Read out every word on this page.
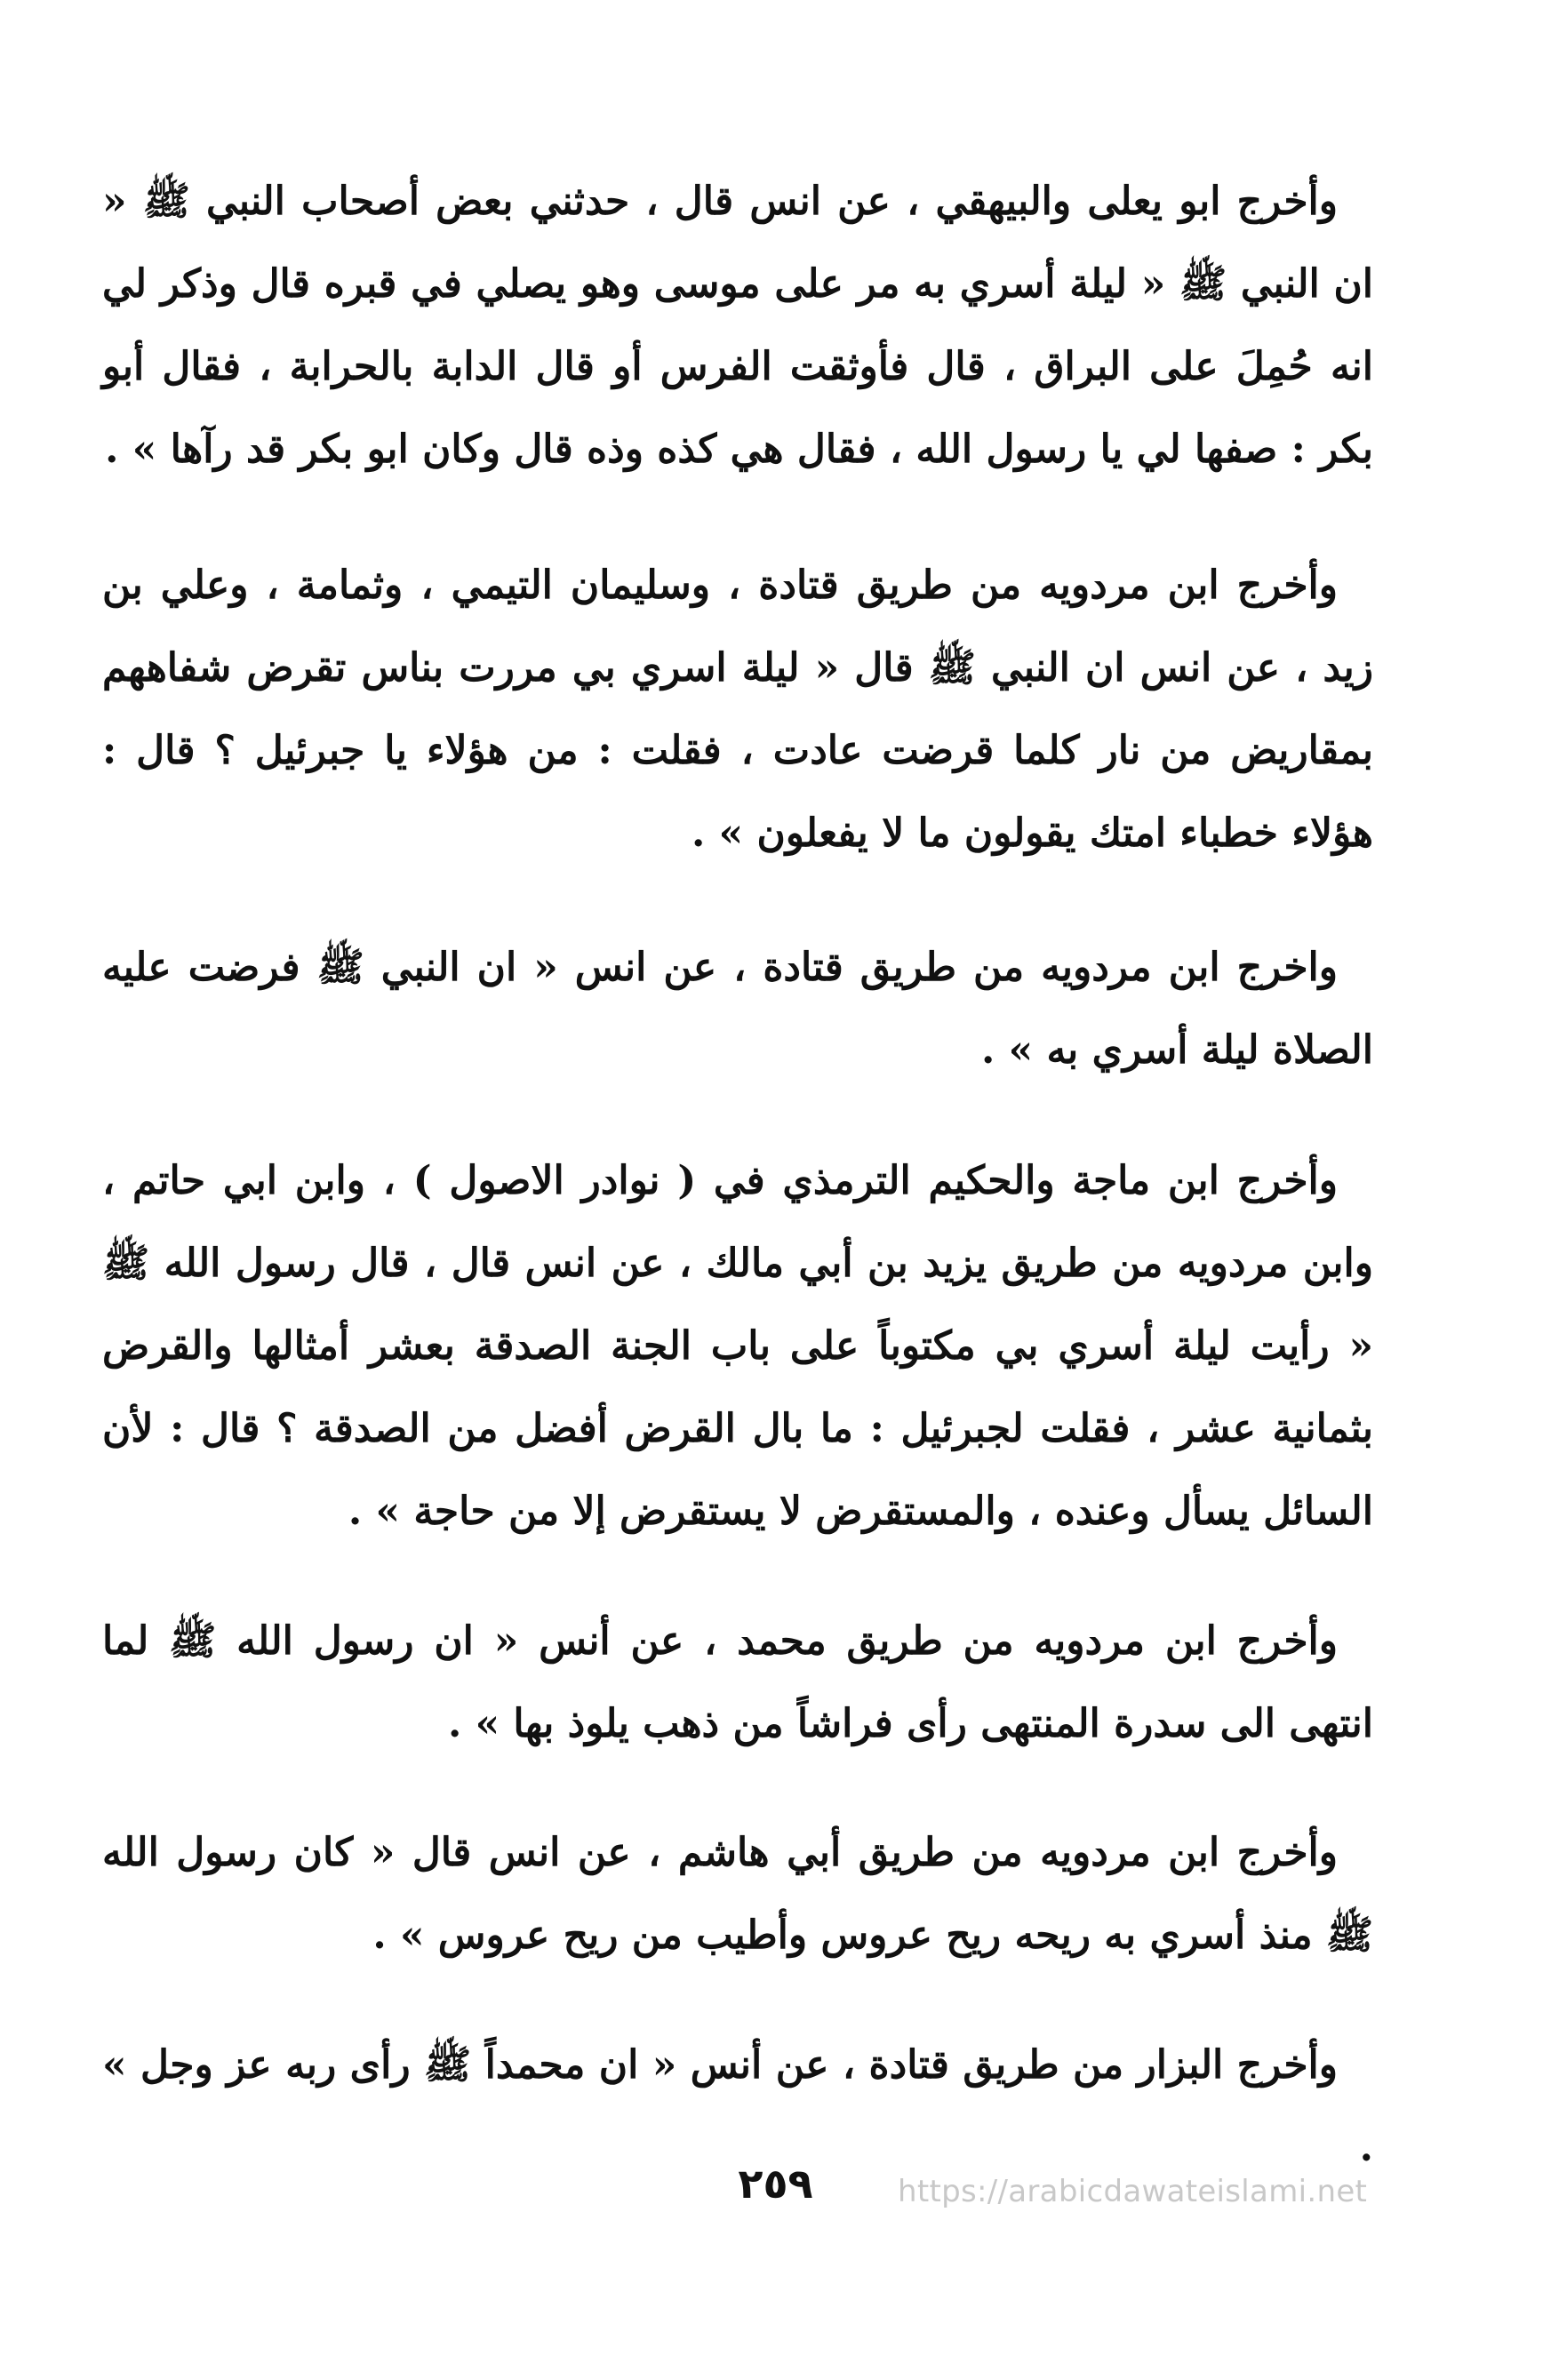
وأخرج ابو يعلى والبيهقي ، عن انس قال ، حدثني بعض أصحاب النبي ﷺ « ان النبي ﷺ « ليلة أسري به مر على موسى وهو يصلي في قبره قال وذكر لي انه حُمِلَ على البراق ، قال فأوثقت الفرس أو قال الدابة بالحرابة ، فقال أبو بكر : صفها لي يا رسول الله ، فقال هي كذه وذه قال وكان ابو بكر قد رآها » .

وأخرج ابن مردويه من طريق قتادة ، وسليمان التيمي ، وثمامة ، وعلي بن زيد ، عن انس ان النبي ﷺ قال « ليلة اسري بي مررت بناس تقرض شفاههم بمقاريض من نار كلما قرضت عادت ، فقلت : من هؤلاء يا جبرئيل ؟ قال : هؤلاء خطباء امتك يقولون ما لا يفعلون » .

واخرج ابن مردويه من طريق قتادة ، عن انس « ان النبي ﷺ فرضت عليه الصلاة ليلة أسري به » .

وأخرج ابن ماجة والحكيم الترمذي في ( نوادر الاصول ) ، وابن ابي حاتم ، وابن مردويه من طريق يزيد بن أبي مالك ، عن انس قال ، قال رسول الله ﷺ « رأيت ليلة أسري بي مكتوباً على باب الجنة الصدقة بعشر أمثالها والقرض بثمانية عشر ، فقلت لجبرئيل : ما بال القرض أفضل من الصدقة ؟ قال : لأن السائل يسأل وعنده ، والمستقرض لا يستقرض إلا من حاجة » .

وأخرج ابن مردويه من طريق محمد ، عن أنس « ان رسول الله ﷺ لما انتهى الى سدرة المنتهى رأى فراشاً من ذهب يلوذ بها » .

وأخرج ابن مردويه من طريق أبي هاشم ، عن انس قال « كان رسول الله ﷺ منذ أسري به ريحه ريح عروس وأطيب من ريح عروس » .

وأخرج البزار من طريق قتادة ، عن أنس « ان محمداً ﷺ رأى ربه عز وجل » .

٢٥٩	https://arabicdawateislami.net
